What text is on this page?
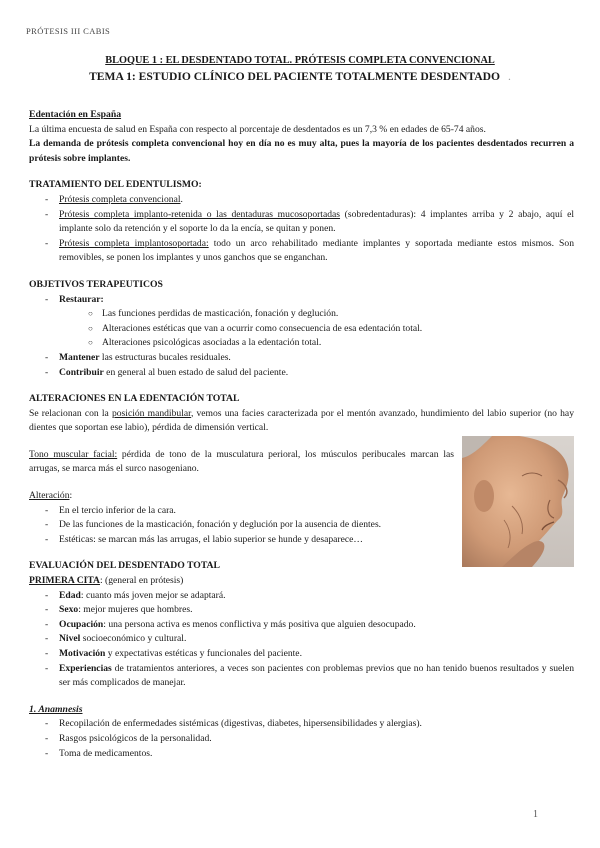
PRÓTESIS III CABIS
BLOQUE 1 : EL DESDENTADO TOTAL. PRÓTESIS COMPLETA CONVENCIONAL
TEMA 1: ESTUDIO CLÍNICO DEL PACIENTE TOTALMENTE DESDENTADO .

Edentación en España

La última encuesta de salud en España con respecto al porcentaje de desdentados es un 7,3 % en edades de 65-74 años.

La demanda de prótesis completa convencional hoy en día no es muy alta, pues la mayoría de los pacientes desdentados recurren a prótesis sobre implantes.

TRATAMIENTO DEL EDENTULISMO:

- Prótesis completa convencional.
- Prótesis completa implanto-retenida o las dentaduras mucosoportadas (sobredentaduras): 4 implantes arriba y 2 abajo, aquí el implante solo da retención y el soporte lo da la encía, se quitan y ponen.
- Prótesis completa implantosoportada: todo un arco rehabilitado mediante implantes y soportada mediante estos mismos. Son removibles, se ponen los implantes y unos ganchos que se enganchan.

OBJETIVOS TERAPEUTICOS

- Restaurar:
○ Las funciones perdidas de masticación, fonación y deglución.
○ Alteraciones estéticas que van a ocurrir como consecuencia de esa edentación total.
○ Alteraciones psicológicas asociadas a la edentación total.
- Mantener las estructuras bucales residuales.
- Contribuir en general al buen estado de salud del paciente.

ALTERACIONES EN LA EDENTACIÓN TOTAL

Se relacionan con la posición mandibular, vemos una facies caracterizada por el mentón avanzado, hundimiento del labio superior (no hay dientes que soportan ese labio), pérdida de dimensión vertical.

Tono muscular facial: pérdida de tono de la musculatura perioral, los músculos peribucales marcan las arrugas, se marca más el surco nasogeniano.

Alteración:

- En el tercio inferior de la cara.
- De las funciones de la masticación, fonación y deglución por la ausencia de dientes.
- Estéticas: se marcan más las arrugas, el labio superior se hunde y desaparece…

EVALUACIÓN DEL DESDENTADO TOTAL

PRIMERA CITA: (general en prótesis)

- Edad: cuanto más joven mejor se adaptará.
- Sexo: mejor mujeres que hombres.
- Ocupación: una persona activa es menos conflictiva y más positiva que alguien desocupado.
- Nivel socioeconómico y cultural.
- Motivación y expectativas estéticas y funcionales del paciente.
- Experiencias de tratamientos anteriores, a veces son pacientes con problemas previos que no han tenido buenos resultados y suelen ser más complicados de manejar.

1. Anamnesis

- Recopilación de enfermedades sistémicas (digestivas, diabetes, hipersensibilidades y alergias).
- Rasgos psicológicos de la personalidad.
- Toma de medicamentos.
1
